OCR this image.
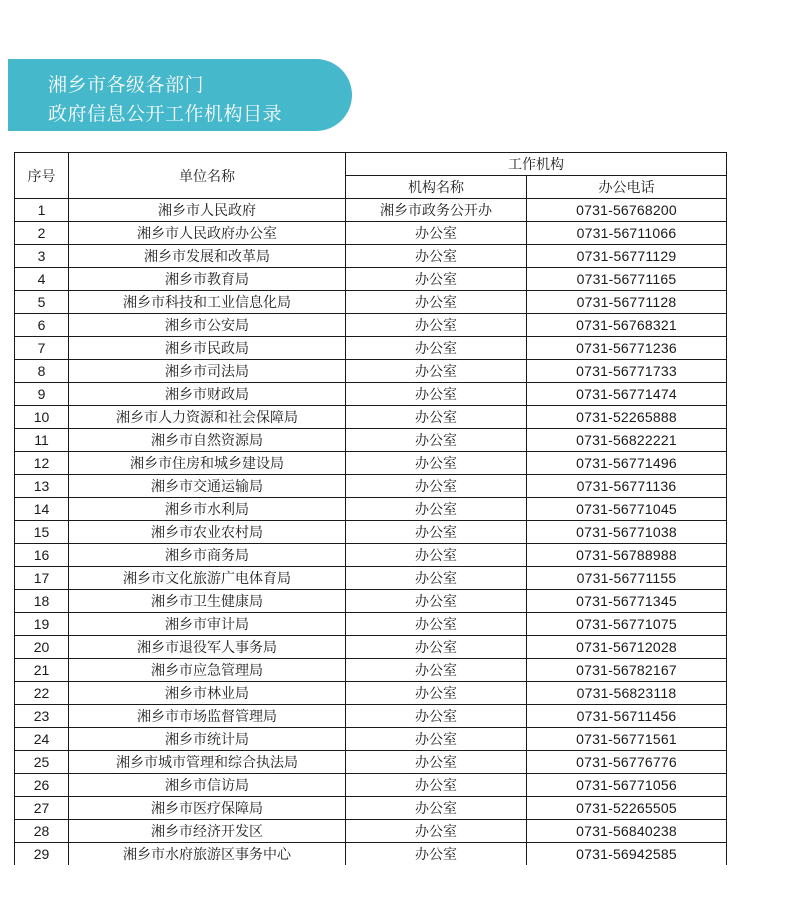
湘乡市各级各部门
政府信息公开工作机构目录
序号	单位名称	工作机构	
		机构名称	办公电话
1	湘乡市人民政府	湘乡市政务公开办	0731-56768200
2	湘乡市人民政府办公室	办公室	0731-56711066
3	湘乡市发展和改革局	办公室	0731-56771129
4	湘乡市教育局	办公室	0731-56771165
5	湘乡市科技和工业信息化局	办公室	0731-56771128
6	湘乡市公安局	办公室	0731-56768321
7	湘乡市民政局	办公室	0731-56771236
8	湘乡市司法局	办公室	0731-56771733
9	湘乡市财政局	办公室	0731-56771474
10	湘乡市人力资源和社会保障局	办公室	0731-52265888
11	湘乡市自然资源局	办公室	0731-56822221
12	湘乡市住房和城乡建设局	办公室	0731-56771496
13	湘乡市交通运输局	办公室	0731-56771136
14	湘乡市水利局	办公室	0731-56771045
15	湘乡市农业农村局	办公室	0731-56771038
16	湘乡市商务局	办公室	0731-56788988
17	湘乡市文化旅游广电体育局	办公室	0731-56771155
18	湘乡市卫生健康局	办公室	0731-56771345
19	湘乡市审计局	办公室	0731-56771075
20	湘乡市退役军人事务局	办公室	0731-56712028
21	湘乡市应急管理局	办公室	0731-56782167
22	湘乡市林业局	办公室	0731-56823118
23	湘乡市市场监督管理局	办公室	0731-56711456
24	湘乡市统计局	办公室	0731-56771561
25	湘乡市城市管理和综合执法局	办公室	0731-56776776
26	湘乡市信访局	办公室	0731-56771056
27	湘乡市医疗保障局	办公室	0731-52265505
28	湘乡市经济开发区	办公室	0731-56840238
29	湘乡市水府旅游区事务中心	办公室	0731-56942585
